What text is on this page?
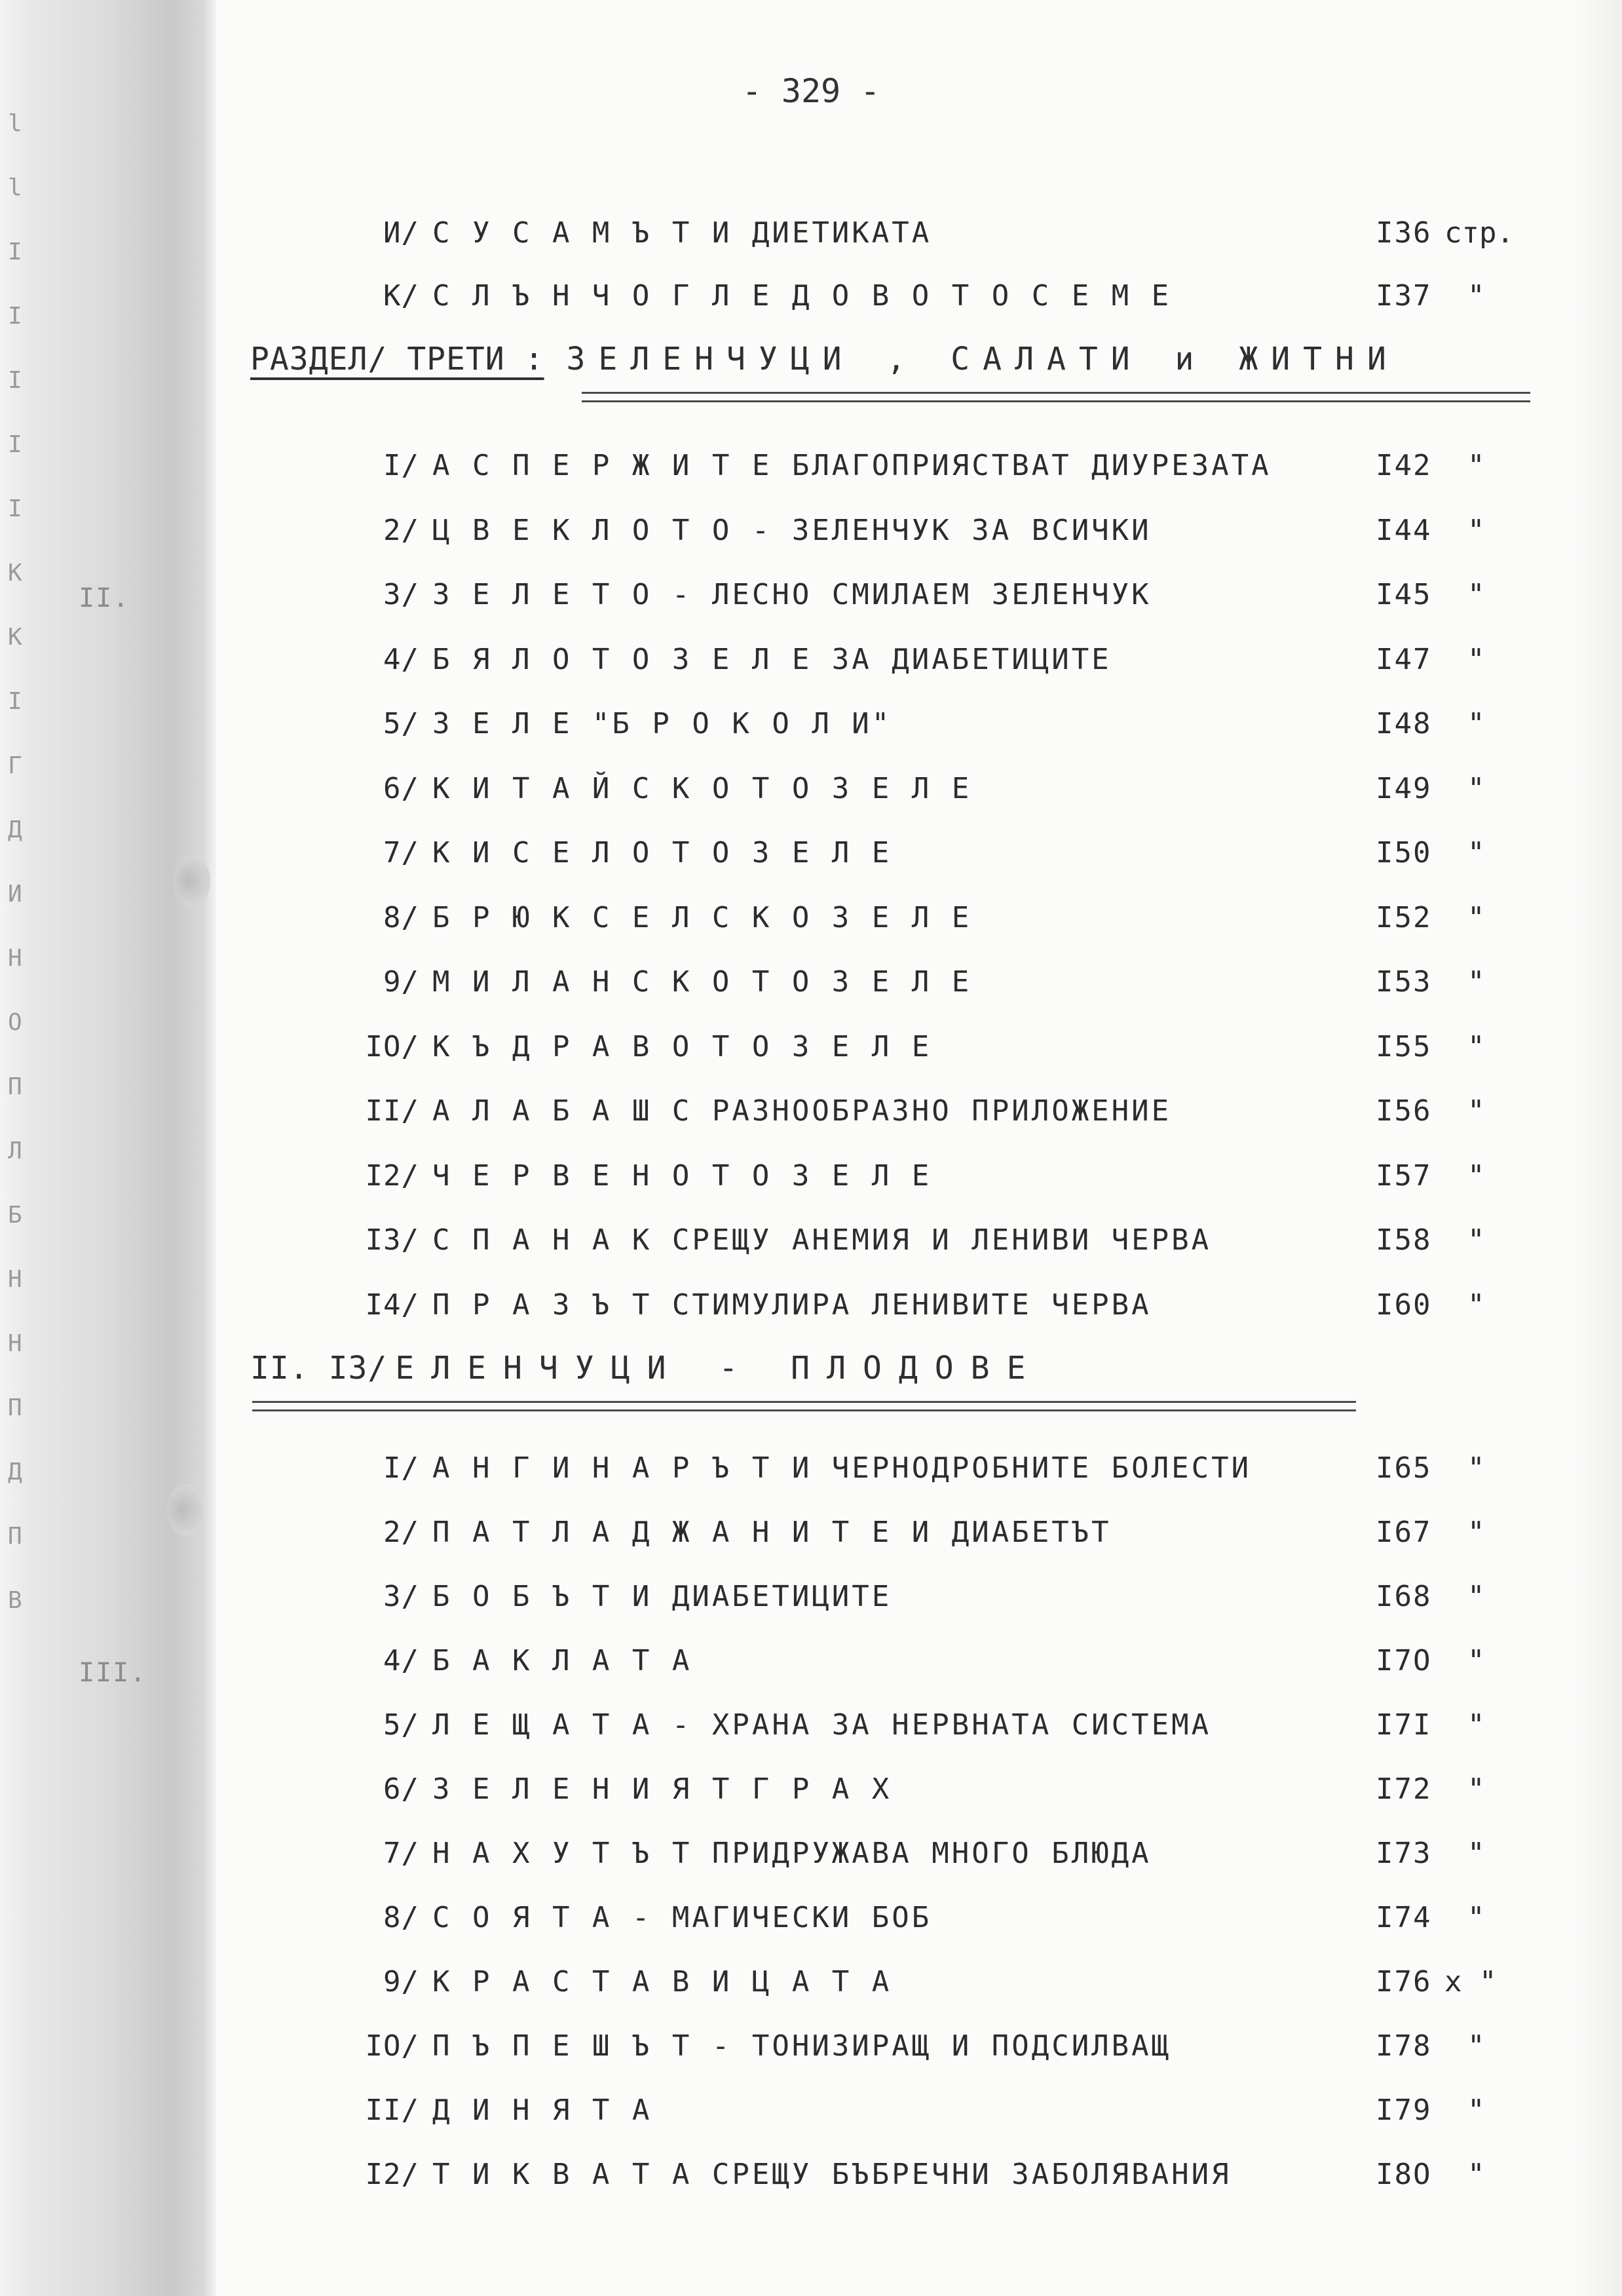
II.
III.
l
l
I
I
I
I
I
K
K
I
Г
Д
И
Н
О
П
Л
Б
Н
Н
П
Д
П
В
- 329 -
И/ С У С А М Ъ Т И ДИЕТИКАТА	I36 стр.
К/ С Л Ъ Н Ч О Г Л Е Д О В О Т О С Е М Е	I37 "
РАЗДЕЛ/ ТРЕТИ : ЗЕЛЕНЧУЦИ , САЛАТИ и ЖИТНИ
I/ А С П Е Р Ж И Т Е БЛАГОПРИЯСТВАТ ДИУРЕЗАТА	I42 "
2/ Ц В Е К Л О Т О - ЗЕЛЕНЧУК ЗА ВСИЧКИ	I44 "
3/ З Е Л Е Т О - ЛЕСНО СМИЛАЕМ ЗЕЛЕНЧУК	I45 "
4/ Б Я Л О Т О З Е Л Е ЗА ДИАБЕТИЦИТЕ	I47 "
5/ З Е Л Е "Б Р О К О Л И"	I48 "
6/ К И Т А Й С К О Т О З Е Л Е	I49 "
7/ К И С Е Л О Т О З Е Л Е	I50 "
8/ Б Р Ю К С Е Л С К О З Е Л Е	I52 "
9/ М И Л А Н С К О Т О З Е Л Е	I53 "
IO/ К Ъ Д Р А В О Т О З Е Л Е	I55 "
II/ А Л А Б А Ш С РАЗНООБРАЗНО ПРИЛОЖЕНИЕ	I56 "
I2/ Ч Е Р В Е Н О Т О З Е Л Е	I57 "
I3/ С П А Н А К СРЕЩУ АНЕМИЯ И ЛЕНИВИ ЧЕРВА	I58 "
I4/ П Р А З Ъ Т СТИМУЛИРА ЛЕНИВИТЕ ЧЕРВА	I60 "
II. I3/ ЕЛЕНЧУЦИ - ПЛОДОВЕ
I/ А Н Г И Н А Р Ъ Т И ЧЕРНОДРОБНИТЕ БОЛЕСТИ	I65 "
2/ П А Т Л А Д Ж А Н И Т Е И ДИАБЕТЪТ	I67 "
3/ Б О Б Ъ Т И ДИАБЕТИЦИТЕ	I68 "
4/ Б А К Л А Т А	I7O "
5/ Л Е Щ А Т А - ХРАНА ЗА НЕРВНАТА СИСТЕМА	I7I "
6/ З Е Л Е Н И Я Т Г Р А Х	I72 "
7/ Н А Х У Т Ъ Т ПРИДРУЖАВА МНОГО БЛЮДА	I73 "
8/ С О Я Т А - МАГИЧЕСКИ БОБ	I74 "
9/ К Р А С Т А В И Ц А Т А	I76 х "
IO/ П Ъ П Е Ш Ъ Т - ТОНИЗИРАЩ И ПОДСИЛВАЩ	I78 "
II/ Д И Н Я Т А	I79 "
I2/ Т И К В А Т А СРЕЩУ БЪБРЕЧНИ ЗАБОЛЯВАНИЯ	I8O "
